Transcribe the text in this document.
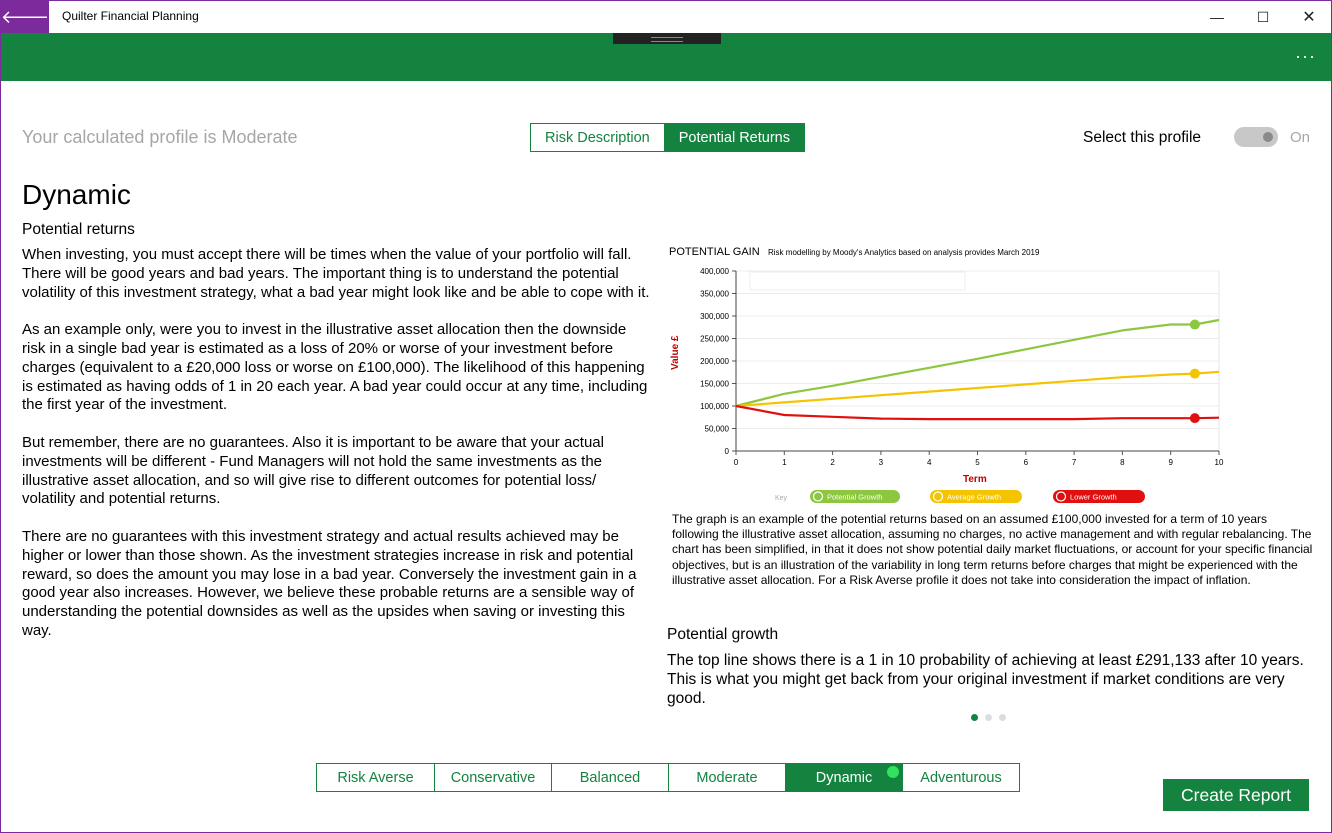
🡐 Quilter Financial Planning	— ☐ ✕
···
Your calculated profile is Moderate	Risk Description	Potential Returns	Select this profile	On
Dynamic
Potential returns

When investing, you must accept there will be times when the value of your portfolio will fall. There will be good years and bad years. The important thing is to understand the potential volatility of this investment strategy, what a bad year might look like and be able to cope with it.

As an example only, were you to invest in the illustrative asset allocation then the downside risk in a single bad year is estimated as a loss of 20% or worse of your investment before charges (equivalent to a £20,000 loss or worse on £100,000). The likelihood of this happening is estimated as having odds of 1 in 20 each year. A bad year could occur at any time, including the first year of the investment.

But remember, there are no guarantees. Also it is important to be aware that your actual investments will be different - Fund Managers will not hold the same investments as the illustrative asset allocation, and so will give rise to different outcomes for potential loss/ volatility and potential returns.

There are no guarantees with this investment strategy and actual results achieved may be higher or lower than those shown. As the investment strategies increase in risk and potential reward, so does the amount you may lose in a bad year. Conversely the investment gain in a good year also increases. However, we believe these probable returns are a sensible way of understanding the potential downsides as well as the upsides when saving or investing this way.

POTENTIAL GAIN Risk modelling by Moody's Analytics based on analysis provides March 2019
Value £
Term
Key
0
50,000
100,000
150,000
200,000
250,000
300,000
350,000
400,000
0	1	2	3	4	5	6	7	8	9	10
Potential Growth	Average Growth	Lower Growth
The graph is an example of the potential returns based on an assumed £100,000 invested for a term of 10 years following the illustrative asset allocation, assuming no charges, no active management and with regular rebalancing. The chart has been simplified, in that it does not show potential daily market fluctuations, or account for your specific financial objectives, but is an illustration of the variability in long term returns before charges that might be experienced with the illustrative asset allocation. For a Risk Averse profile it does not take into consideration the impact of inflation.
Potential growth
The top line shows there is a 1 in 10 probability of achieving at least £291,133 after 10 years. This is what you might get back from your original investment if market conditions are very good.
Risk Averse	Conservative	Balanced	Moderate	Dynamic	Adventurous
Create Report
